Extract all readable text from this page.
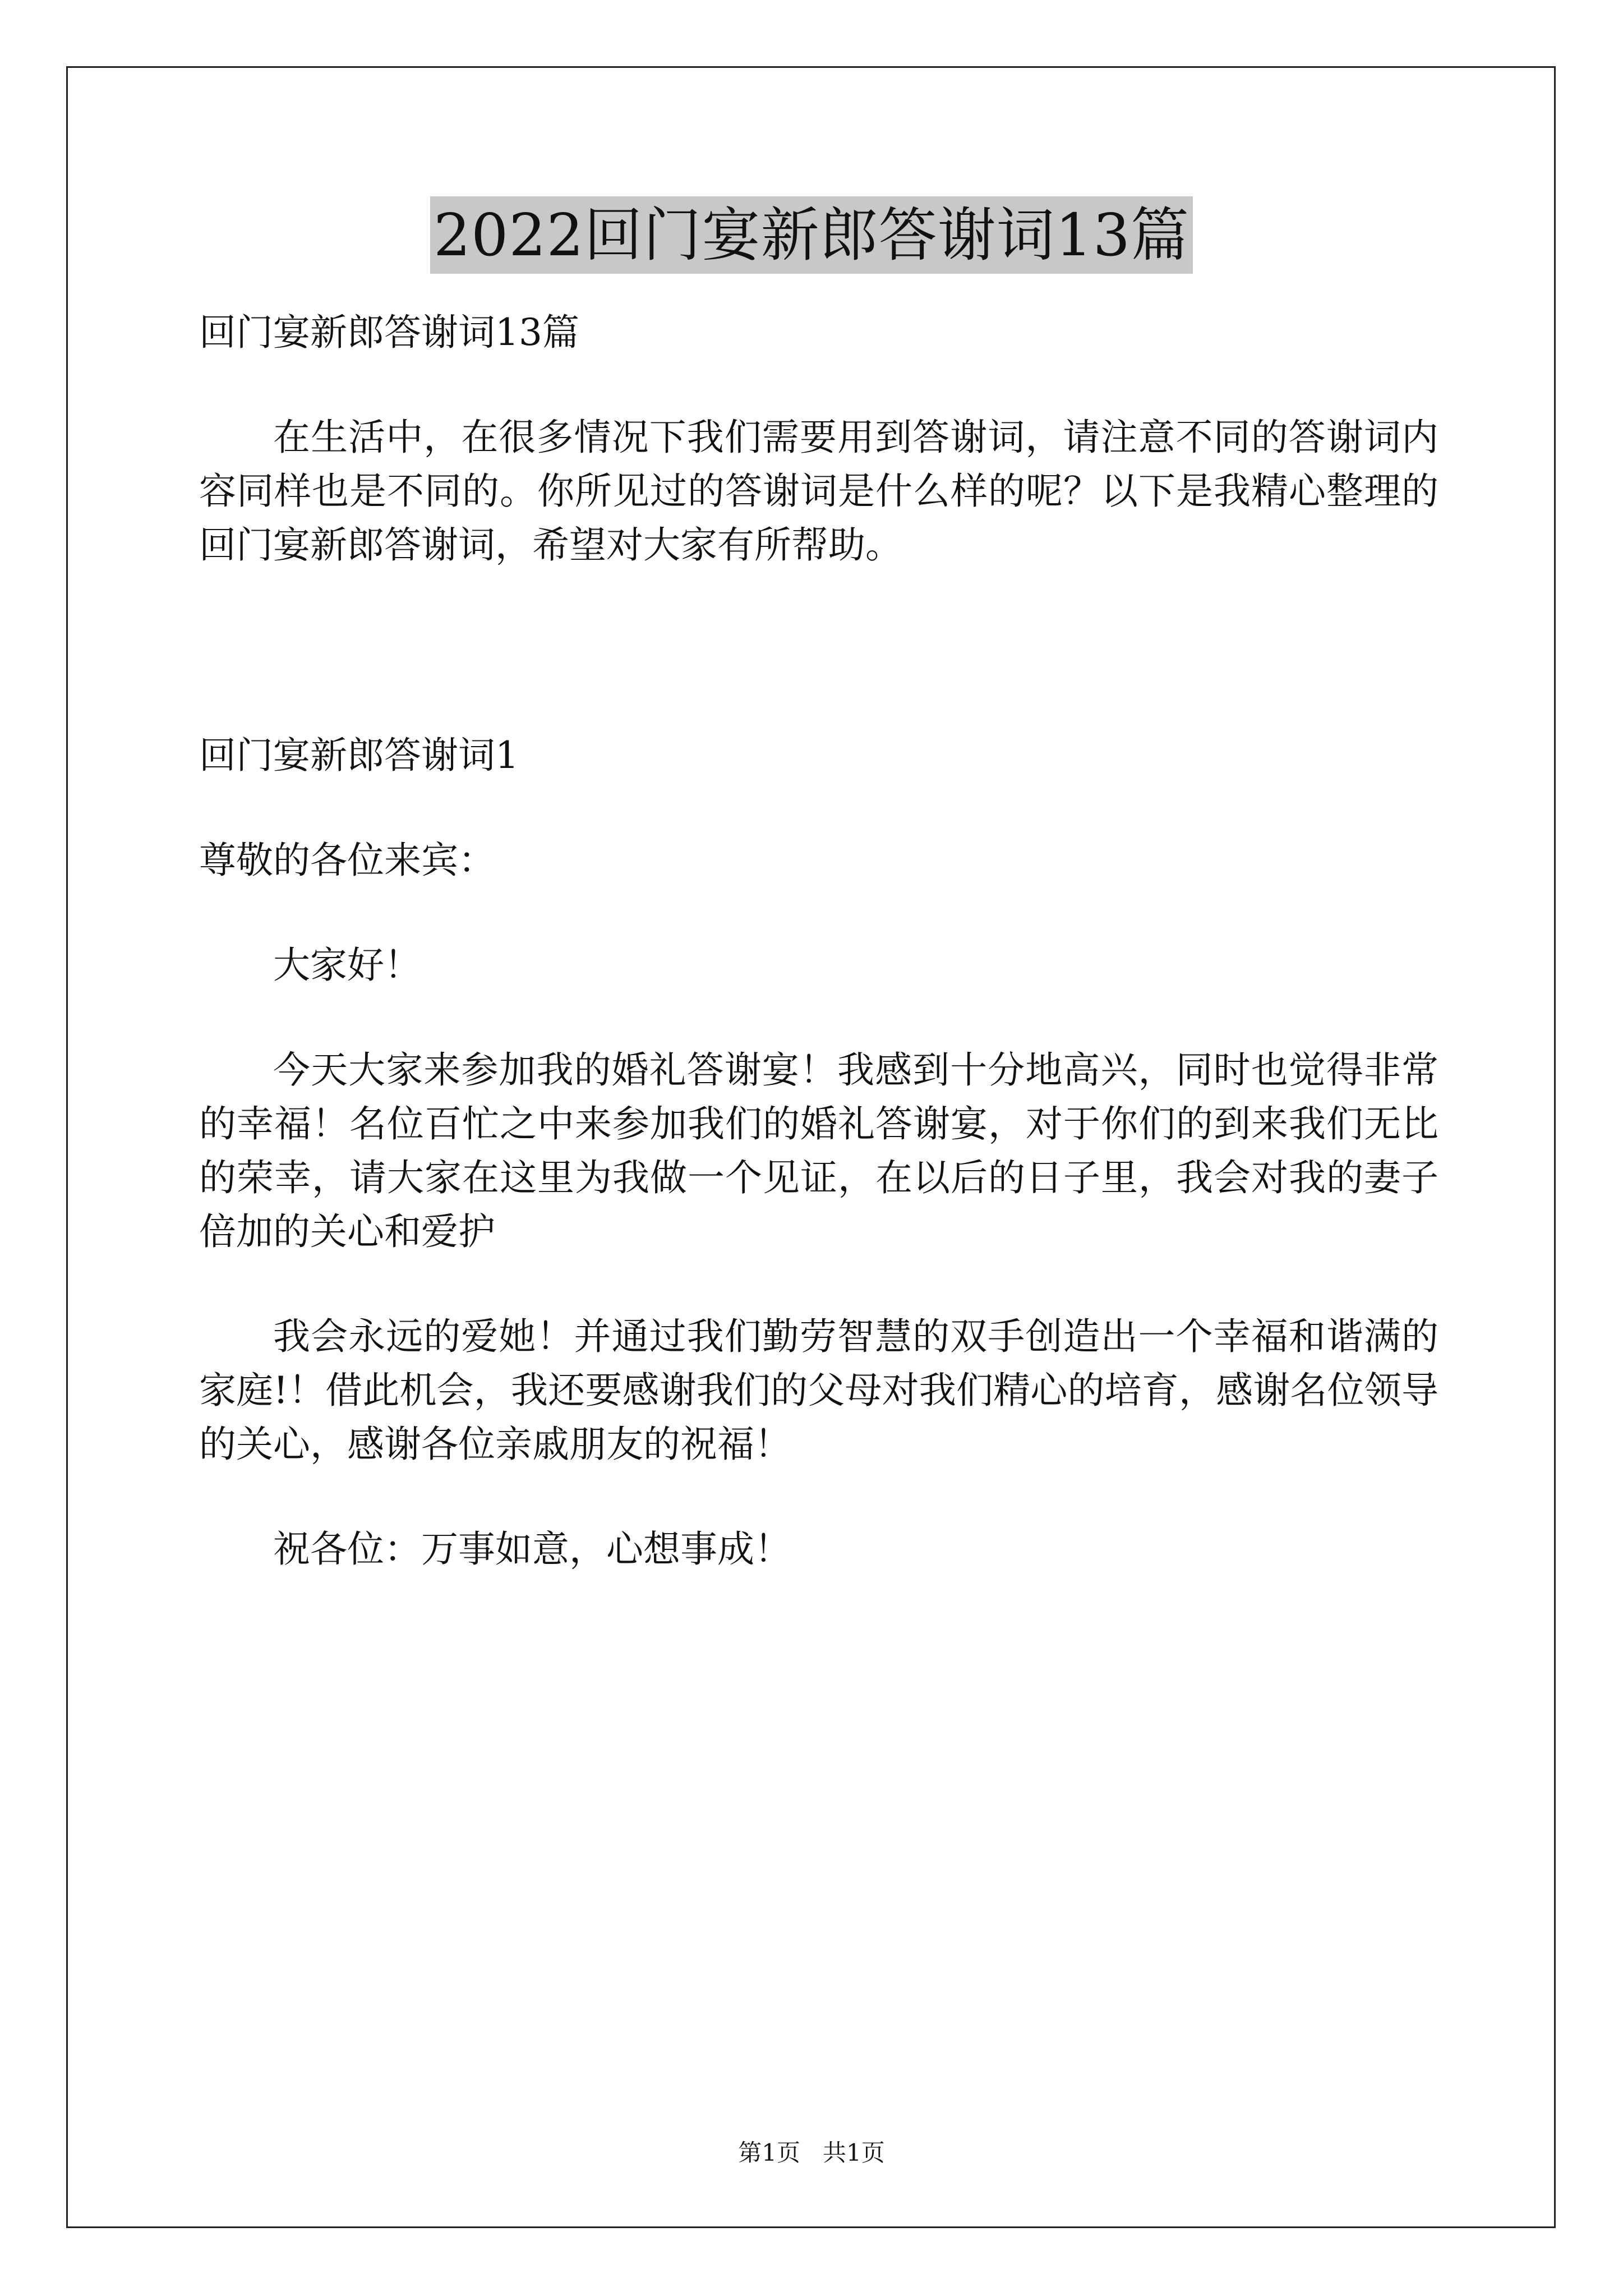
2022回门宴新郎答谢词13篇

回门宴新郎答谢词13篇

在生活中，在很多情况下我们需要用到答谢词，请注意不同的答谢词内容同样也是不同的。你所见过的答谢词是什么样的呢？以下是我精心整理的回门宴新郎答谢词，希望对大家有所帮助。

回门宴新郎答谢词1

尊敬的各位来宾：

大家好！

今天大家来参加我的婚礼答谢宴！我感到十分地高兴，同时也觉得非常的幸福！名位百忙之中来参加我们的婚礼答谢宴，对于你们的到来我们无比的荣幸，请大家在这里为我做一个见证，在以后的日子里，我会对我的妻子倍加的关心和爱护

我会永远的爱她！并通过我们勤劳智慧的双手创造出一个幸福和谐满的家庭!！借此机会，我还要感谢我们的父母对我们精心的培育，感谢名位领导的关心，感谢各位亲戚朋友的祝福！

祝各位：万事如意，心想事成！

第1页   共1页
